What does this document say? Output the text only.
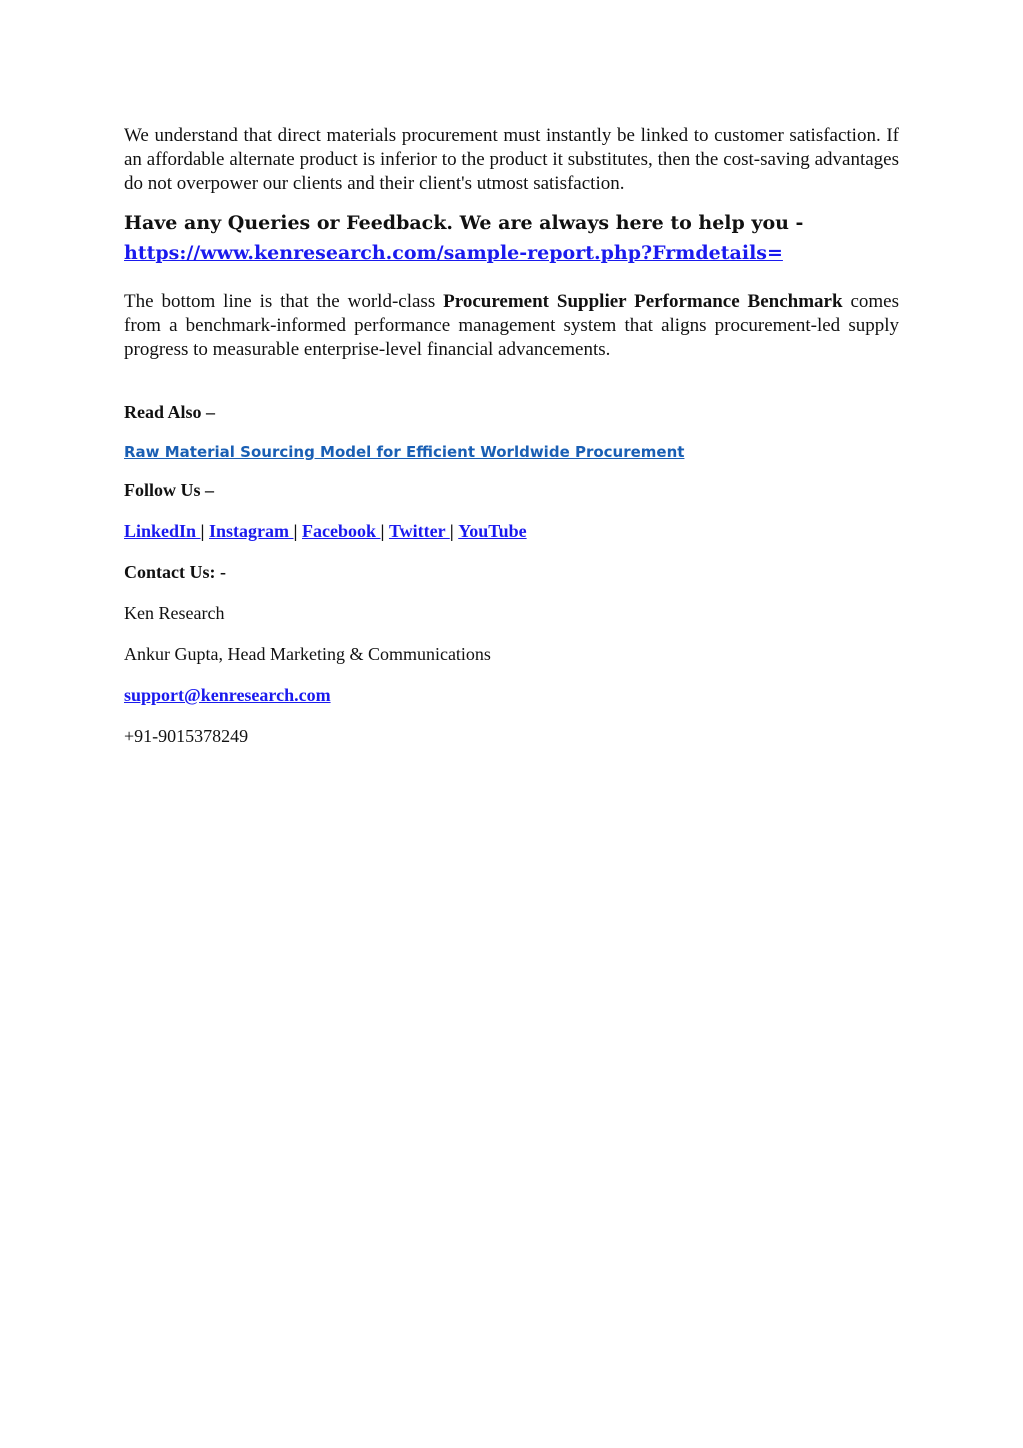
We understand that direct materials procurement must instantly be linked to customer satisfaction. If an affordable alternate product is inferior to the product it substitutes, then the cost-saving advantages do not overpower our clients and their client's utmost satisfaction.

Have any Queries or Feedback. We are always here to help you -
https://www.kenresearch.com/sample-report.php?Frmdetails=

The bottom line is that the world-class Procurement Supplier Performance Benchmark comes from a benchmark-informed performance management system that aligns procurement-led supply progress to measurable enterprise-level financial advancements.

Read Also –

Raw Material Sourcing Model for Efficient Worldwide Procurement

Follow Us –

LinkedIn | Instagram | Facebook | Twitter | YouTube

Contact Us: -

Ken Research

Ankur Gupta, Head Marketing & Communications

support@kenresearch.com

+91-9015378249
